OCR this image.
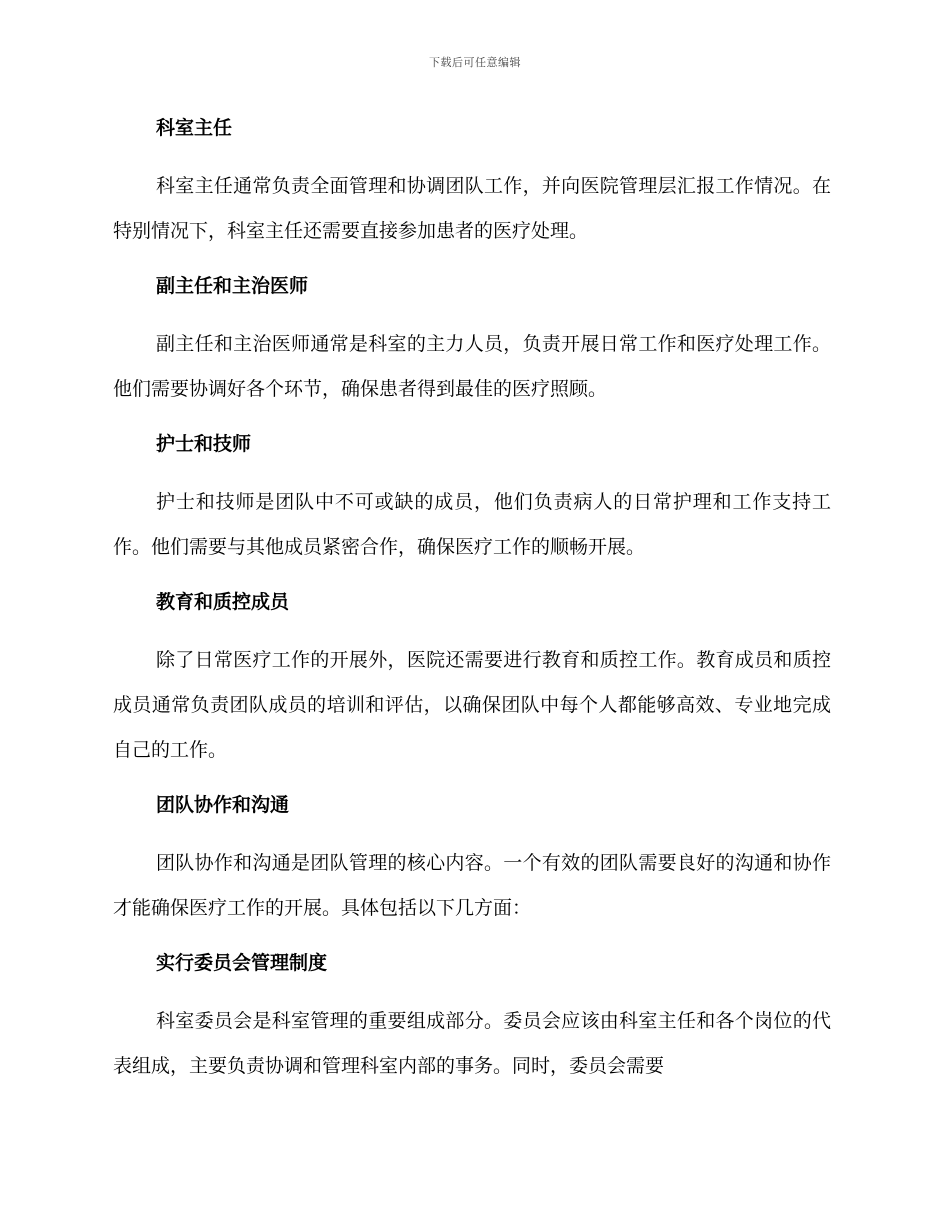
下载后可任意编辑
科室主任

科室主任通常负责全面管理和协调团队工作，并向医院管理层汇报工作情况。在特别情况下，科室主任还需要直接参加患者的医疗处理。

副主任和主治医师

副主任和主治医师通常是科室的主力人员，负责开展日常工作和医疗处理工作。他们需要协调好各个环节，确保患者得到最佳的医疗照顾。

护士和技师

护士和技师是团队中不可或缺的成员，他们负责病人的日常护理和工作支持工作。他们需要与其他成员紧密合作，确保医疗工作的顺畅开展。

教育和质控成员

除了日常医疗工作的开展外，医院还需要进行教育和质控工作。教育成员和质控成员通常负责团队成员的培训和评估，以确保团队中每个人都能够高效、专业地完成自己的工作。

团队协作和沟通

团队协作和沟通是团队管理的核心内容。一个有效的团队需要良好的沟通和协作才能确保医疗工作的开展。具体包括以下几方面：

实行委员会管理制度

科室委员会是科室管理的重要组成部分。委员会应该由科室主任和各个岗位的代表组成，主要负责协调和管理科室内部的事务。同时，委员会需要
